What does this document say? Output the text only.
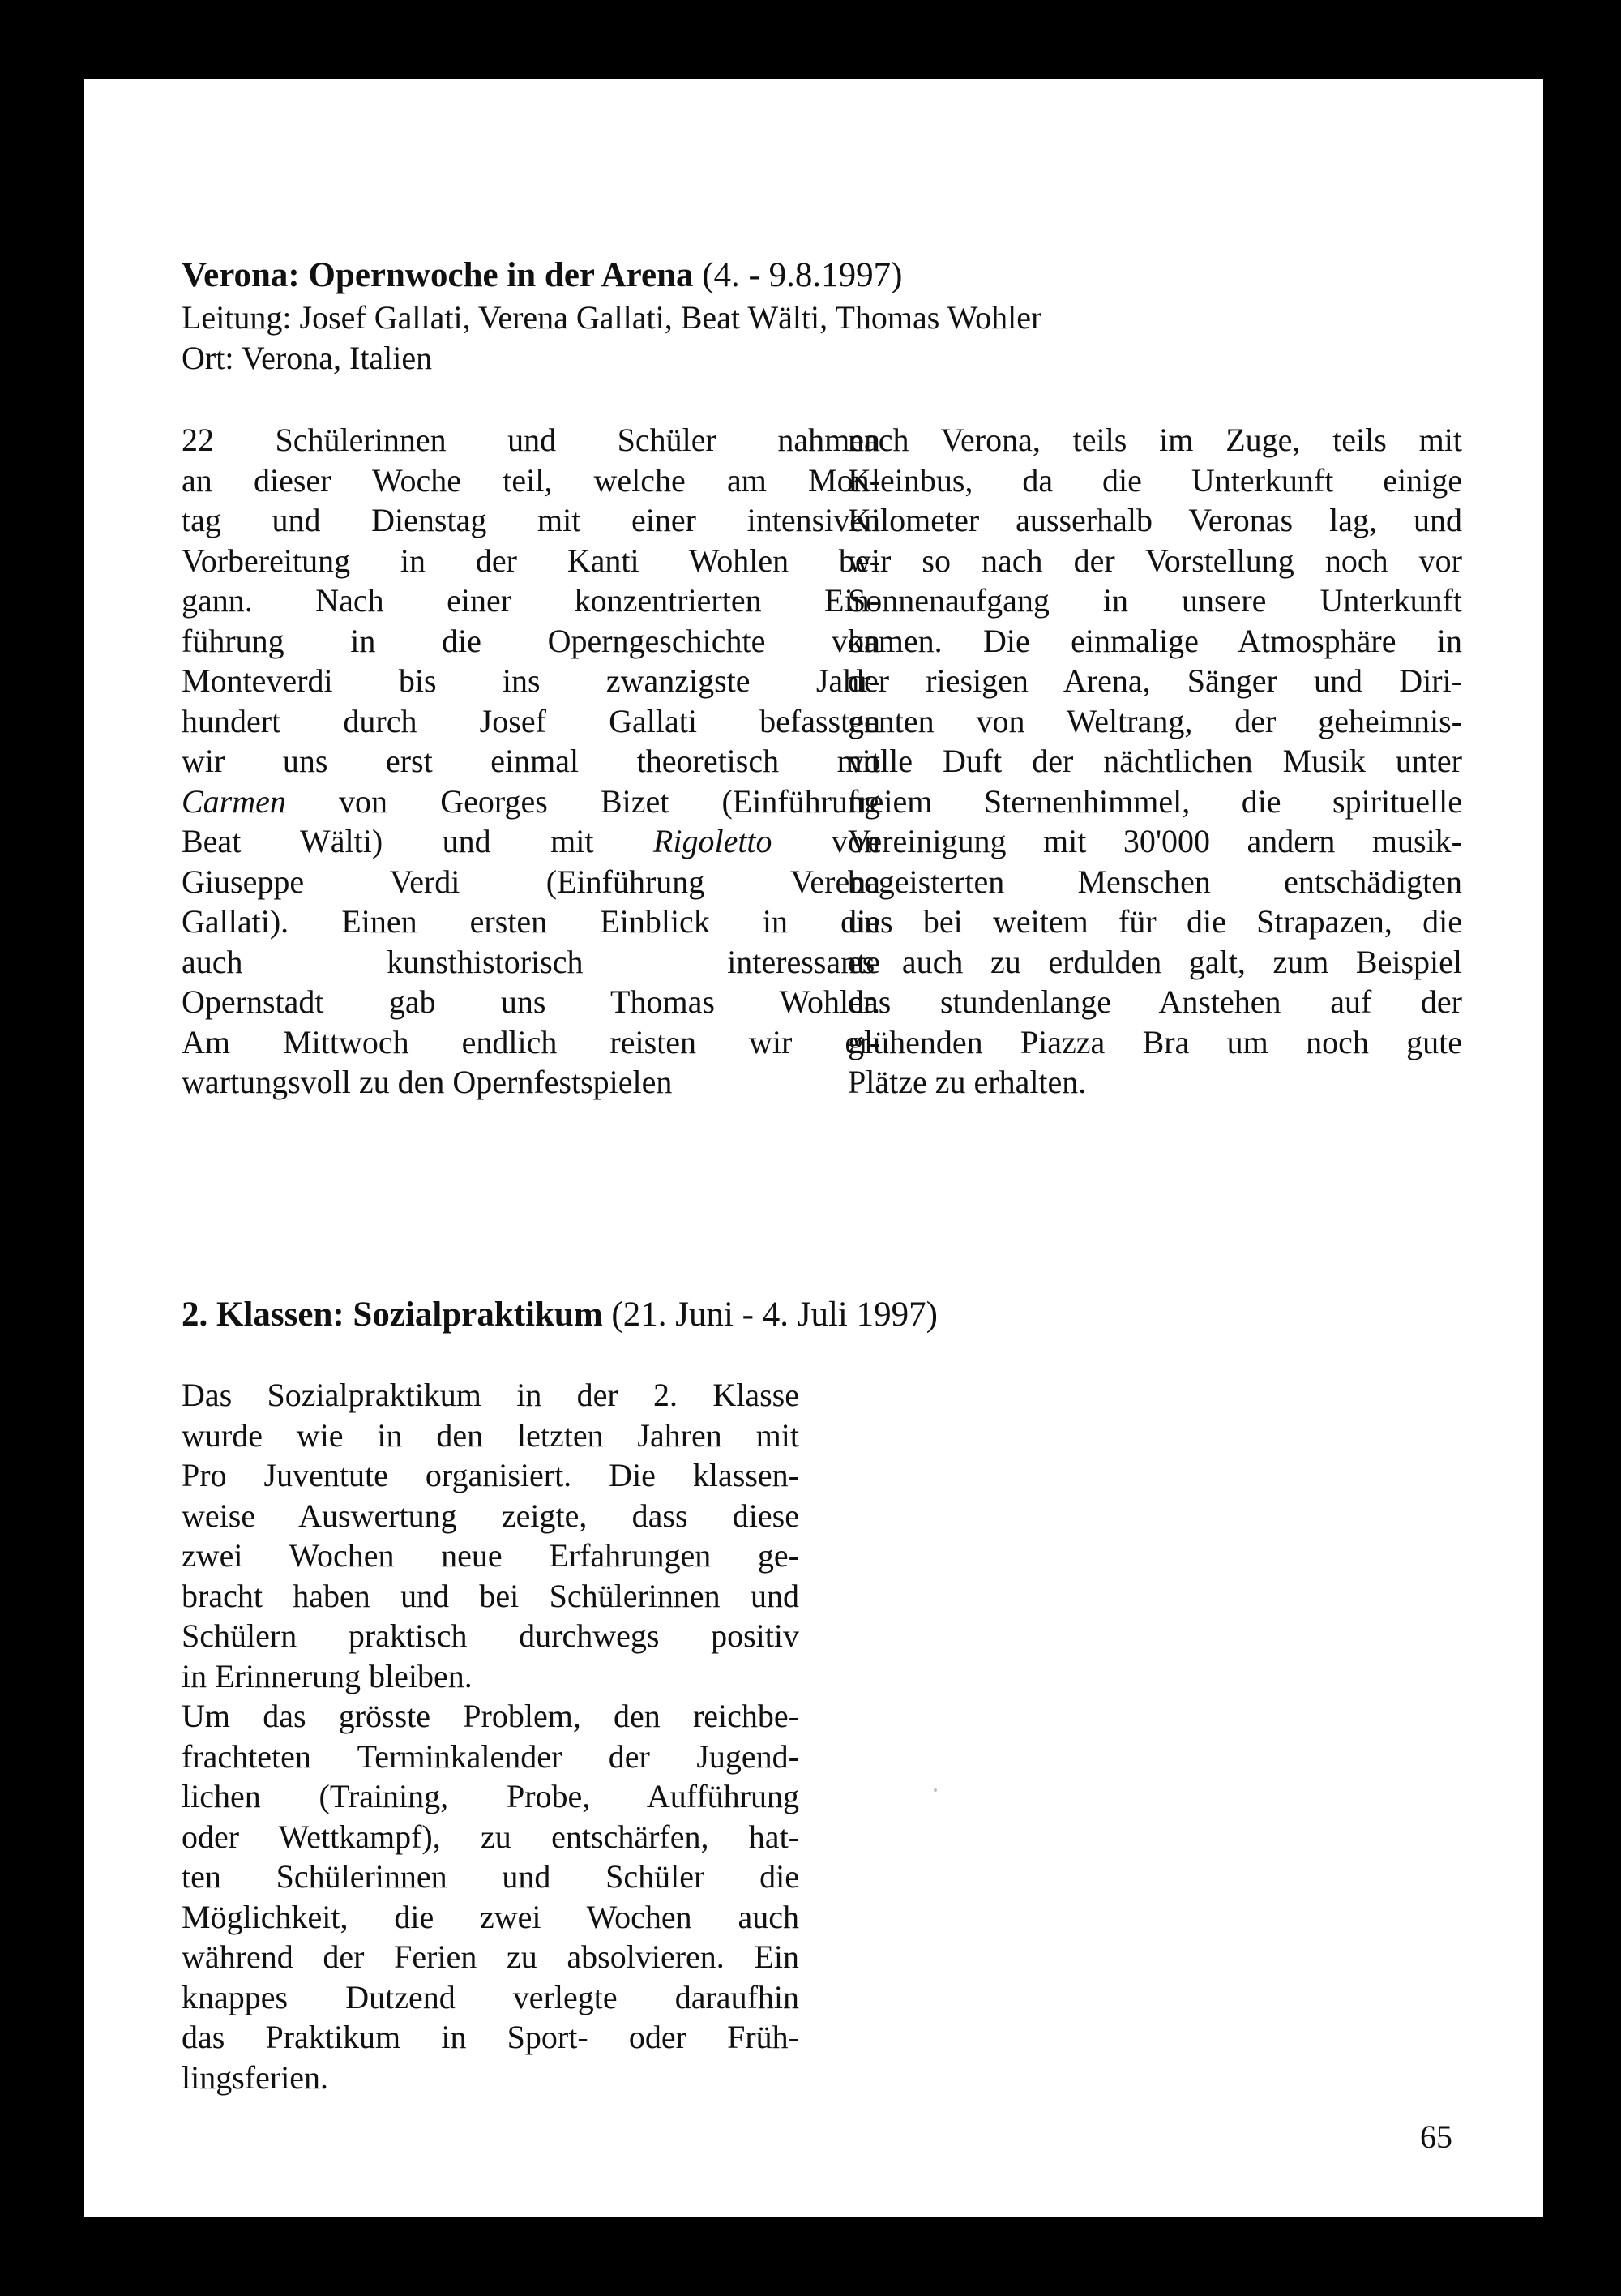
Verona: Opernwoche in der Arena (4. - 9.8.1997)

Leitung: Josef Gallati, Verena Gallati, Beat Wälti, Thomas Wohler

Ort: Verona, Italien

22 Schülerinnen und Schüler nahmen
an dieser Woche teil, welche am Mon-
tag und Dienstag mit einer intensiven
Vorbereitung in der Kanti Wohlen be-
gann. Nach einer konzentrierten Ein-
führung in die Operngeschichte von
Monteverdi bis ins zwanzigste Jahr-
hundert durch Josef Gallati befassten
wir uns erst einmal theoretisch mit
Carmen von Georges Bizet (Einführung
Beat Wälti) und mit Rigoletto von
Giuseppe Verdi (Einführung Verena
Gallati). Einen ersten Einblick in die
auch kunsthistorisch interessante
Opernstadt gab uns Thomas Wohler.
Am Mittwoch endlich reisten wir er-
wartungsvoll zu den Opernfestspielen
nach Verona, teils im Zuge, teils mit
Kleinbus, da die Unterkunft einige
Kilometer ausserhalb Veronas lag, und
wir so nach der Vorstellung noch vor
Sonnenaufgang in unsere Unterkunft
kamen. Die einmalige Atmosphäre in
der riesigen Arena, Sänger und Diri-
genten von Weltrang, der geheimnis-
volle Duft der nächtlichen Musik unter
freiem Sternenhimmel, die spirituelle
Vereinigung mit 30'000 andern musik-
begeisterten Menschen entschädigten
uns bei weitem für die Strapazen, die
es auch zu erdulden galt, zum Beispiel
das stundenlange Anstehen auf der
glühenden Piazza Bra um noch gute
Plätze zu erhalten.
2. Klassen: Sozialpraktikum (21. Juni - 4. Juli 1997)
Das Sozialpraktikum in der 2. Klasse
wurde wie in den letzten Jahren mit
Pro Juventute organisiert. Die klassen-
weise Auswertung zeigte, dass diese
zwei Wochen neue Erfahrungen ge-
bracht haben und bei Schülerinnen und
Schülern praktisch durchwegs positiv
in Erinnerung bleiben.
Um das grösste Problem, den reichbe-
frachteten Terminkalender der Jugend-
lichen (Training, Probe, Aufführung
oder Wettkampf), zu entschärfen, hat-
ten Schülerinnen und Schüler die
Möglichkeit, die zwei Wochen auch
während der Ferien zu absolvieren. Ein
knappes Dutzend verlegte daraufhin
das Praktikum in Sport- oder Früh-
lingsferien.
65
